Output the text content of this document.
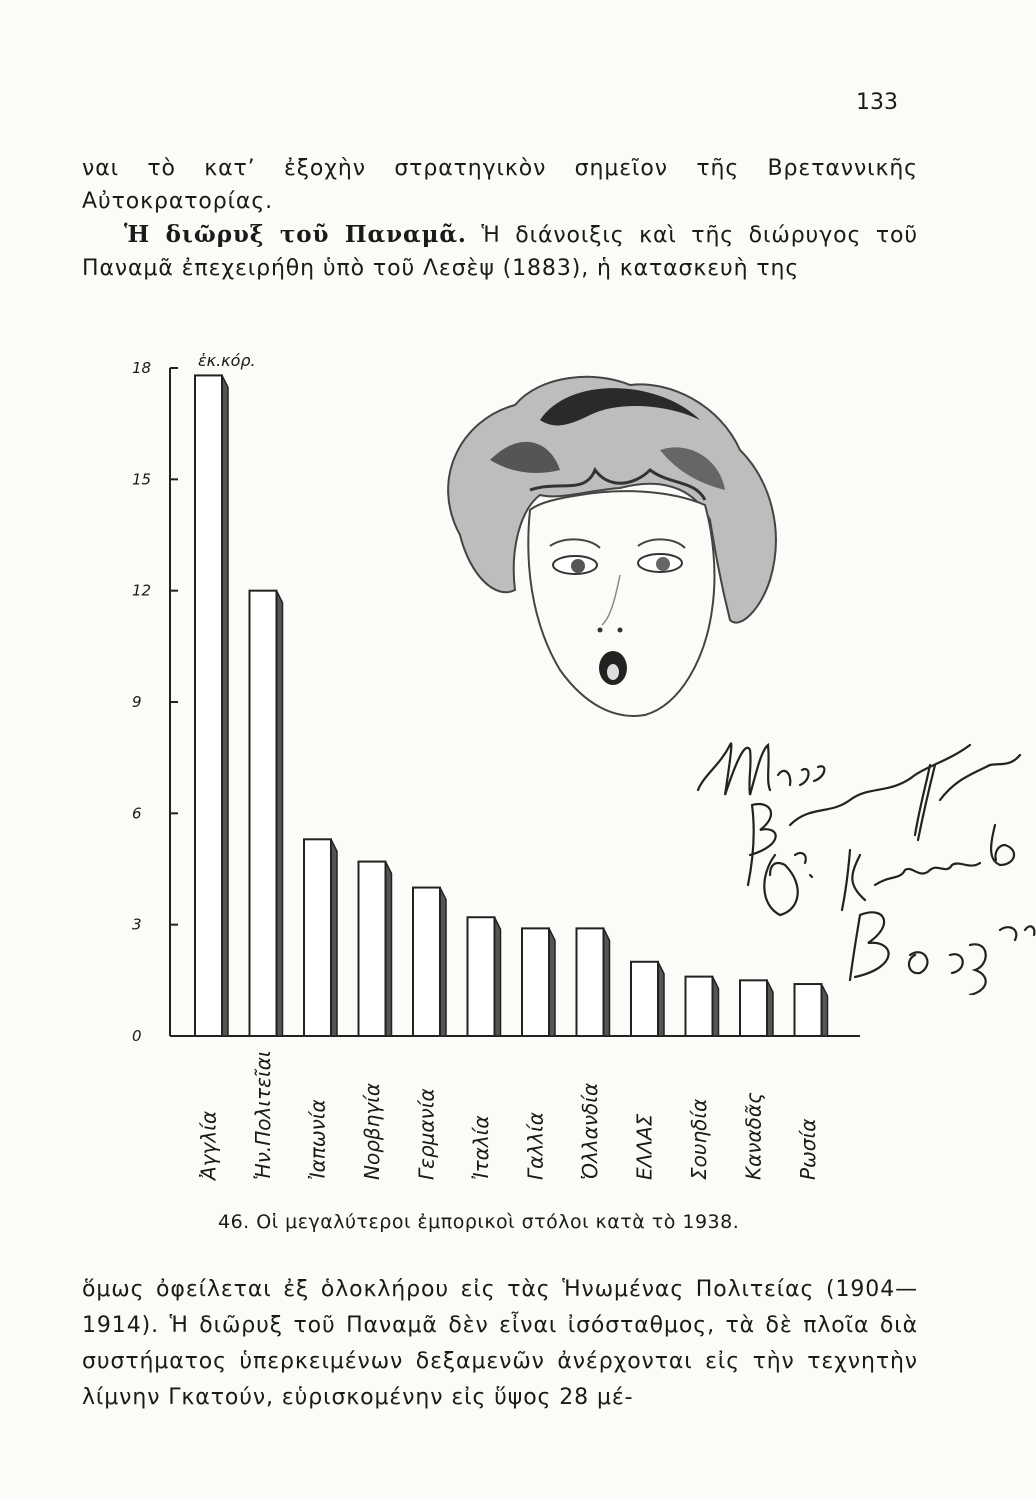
133
ναι τὸ κατ’ ἐξοχὴν στρατηγικὸν σημεῖον τῆς Βρεταννικῆς Αὐτοκρατορίας.
Ἡ διῶρυξ τοῦ Παναμᾶ. Ἡ διάνοιξις καὶ τῆς διώρυγος τοῦ Παναμᾶ ἐπεχειρήθη ὑπὸ τοῦ Λεσὲψ (1883), ἡ κατασκευὴ της
0
3
6
9
12
15
18	ἑκ.κόρ.
Ἀγγλία Ἡν.Πολιτεῖαι Ἰαπωνία Νορβηγία Γερμανία Ἰταλία Γαλλία Ὁλλανδία ΕΛΛΑΣ Σουηδία Καναδᾶς Ρωσία
46. Οἱ μεγαλύτεροι ἐμπορικοὶ στόλοι κατὰ τὸ 1938.
ὅμως ὀφείλεται ἐξ ὁλοκλήρου εἰς τὰς Ἡνωμένας Πολιτείας (1904—1914). Ἡ διῶρυξ τοῦ Παναμᾶ δὲν εἶναι ἰσόσταθμος, τὰ δὲ πλοῖα διὰ συστήματος ὑπερκειμένων δεξαμενῶν ἀνέρχονται εἰς τὴν τεχνητὴν λίμνην Γκατούν, εὑρισκομένην εἰς ὕψος 28 μέ-
